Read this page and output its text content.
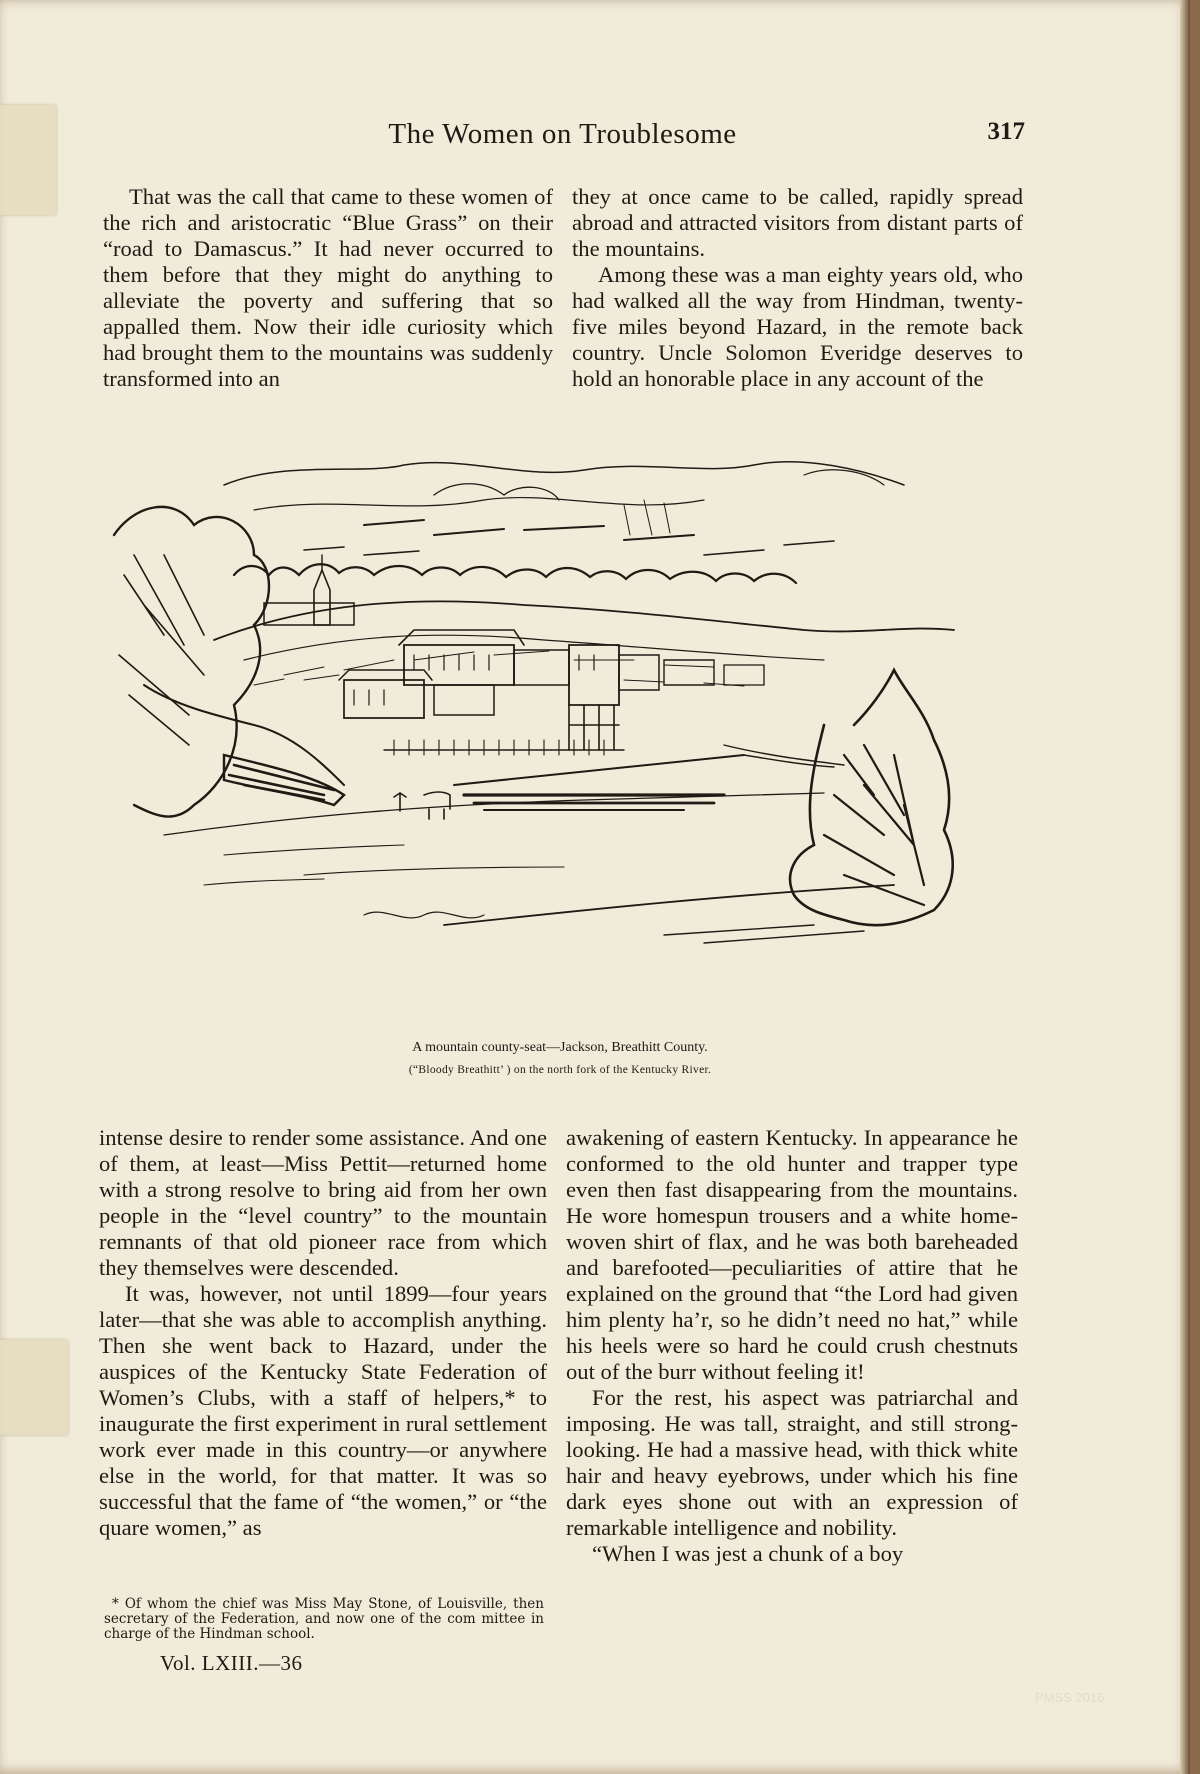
The Women on Troublesome	317

That was the call that came to these women of the rich and aristocratic “Blue Grass” on their “road to Damascus.” It had never occurred to them before that they might do anything to alleviate the poverty and suffering that so appalled them. Now their idle curiosity which had brought them to the mountains was suddenly transformed into an

they at once came to be called, rapidly spread abroad and attracted visitors from distant parts of the mountains.

Among these was a man eighty years old, who had walked all the way from Hindman, twenty-five miles beyond Hazard, in the remote back country. Uncle Solomon Everidge deserves to hold an honorable place in any account of the

A mountain county-seat—Jackson, Breathitt County.
(“Bloody Breathitt’ ) on the north fork of the Kentucky River.

intense desire to render some assistance. And one of them, at least—Miss Pettit—returned home with a strong resolve to bring aid from her own people in the “level country” to the mountain remnants of that old pioneer race from which they themselves were descended.

It was, however, not until 1899—four years later—that she was able to accomplish anything. Then she went back to Hazard, under the auspices of the Kentucky State Federation of Women’s Clubs, with a staff of helpers,* to inaugurate the first experiment in rural settlement work ever made in this country—or anywhere else in the world, for that matter. It was so successful that the fame of “the women,” or “the quare women,” as

awakening of eastern Kentucky. In appearance he conformed to the old hunter and trapper type even then fast disappearing from the mountains. He wore homespun trousers and a white home-woven shirt of flax, and he was both bareheaded and barefooted—peculiarities of attire that he explained on the ground that “the Lord had given him plenty ha’r, so he didn’t need no hat,” while his heels were so hard he could crush chestnuts out of the burr without feeling it!

For the rest, his aspect was patriarchal and imposing. He was tall, straight, and still strong-looking. He had a massive head, with thick white hair and heavy eyebrows, under which his fine dark eyes shone out with an expression of remarkable intelligence and nobility.

“When I was jest a chunk of a boy

* Of whom the chief was Miss May Stone, of Louisville, then secretary of the Federation, and now one of the com mittee in charge of the Hindman school.

Vol. LXIII.—36
PMSS 2016
